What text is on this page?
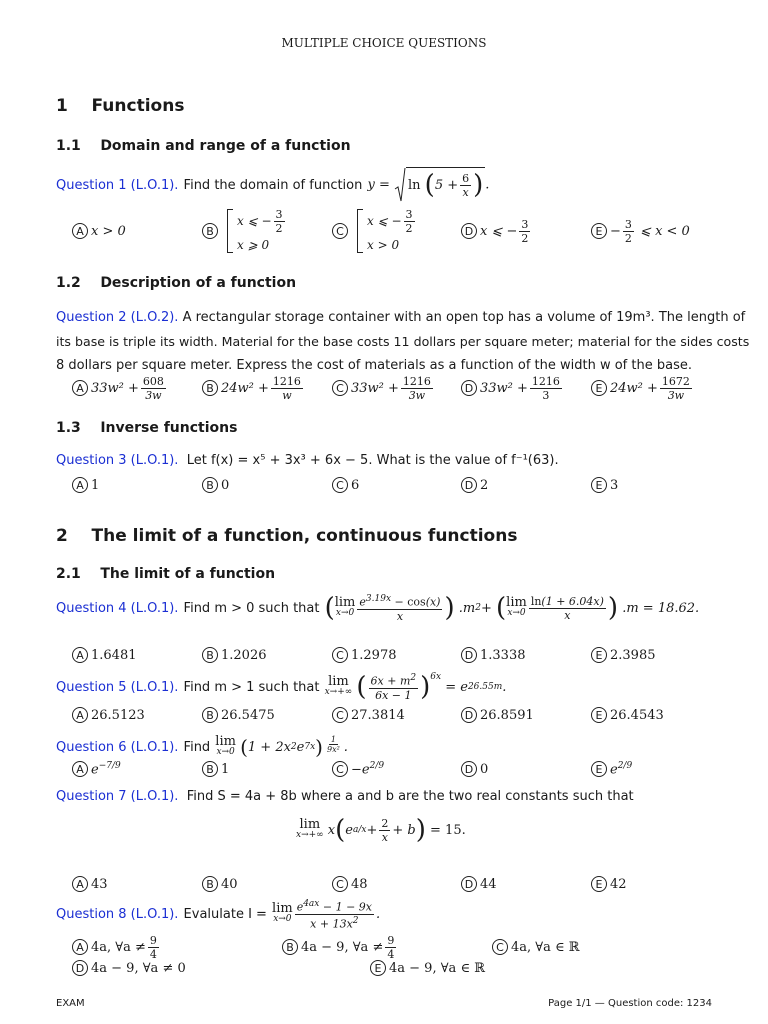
MULTIPLE CHOICE QUESTIONS
1 Functions
1.1 Domain and range of a function
Question 1 (L.O.1).
Find the domain of function
y = ln
( $5 + \frac{6}{x}$ ) .
A x > 0	B
x ⩽ − $\frac{3}{2}$
x ⩾ 0
C
x ⩽ − $\frac{3}{2}$
x > 0
D x ⩽ − $\frac{3}{2}$	$E - \frac{3}{2}$ ⩽ x < 0
1.2 Description of a function
Question 2 (L.O.2). A rectangular storage container with an open top has a volume of 19m³. The length of
its base is triple its width. Material for the base costs 11 dollars per square meter; material for the sides costs
8 dollars per square meter. Express the cost of materials as a function of the width w of the base.
A $33w^2 + \frac{608}{3w}$	B $24w^2 + \frac{1216}{w}$	C $33w^2 + \frac{1216}{3w}$	D $33w^2 + \frac{1216}{3}$	E $24w^2 + \frac{1672}{3w}$
1.3 Inverse functions
Question 3 (L.O.1). Let f(x) = x⁵ + 3x³ + 6x − 5. What is the value of f⁻¹(63).
A 1	B 0	C 6	D 2	E 3
2 The limit of a function, continuous functions
2.1 The limit of a function
Question 4 (L.O.1).
Find m > 0 such that
( lim
$x\to 0 \frac{e^{3.19x} - \cos(x)}{x}$ ) .m 2 + ( lim
$x\to 0 \frac{\ln(1 + 6.04x)}{x}$ )
.m = 18.62.
A 1.6481	B 1.2026	C 1.2978	D 1.3338	E 2.3985
Question 5 (L.O.1).
Find m > 1 such that
lim
x→+∞
( $\frac{6x + m^2}{6x - 1} )^{6x}$

= e 26.55m .
A 26.5123	B 26.5475	C 27.3814	D 26.8591	E 26.4543
Question 6 (L.O.1).
Find
lim
x→0
( 1 + 2x 2 e 7x ) $\frac{1}{\text{9x²}}$ .
A $e^{-7/9}$	B 1	$C -e^{2/9}$	D 0	E $e^{2/9}$
Question 7 (L.O.1). Find S = 4a + 8b where a and b are the two real constants such that
lim
x→+∞ x ( e $a/x + \frac{2}{x} + b$ )
= 15.
A 43	B 40	C 48	D 44	E 42
Question 8 (L.O.1).
Evalulate I =
lim
$x\to 0 \frac{e^{4ax} - 1 - 9x}{x + 13x^2}$ .
A 4a, ∀a ≠ $\frac{9}{4}$	B 4a − 9, ∀a ≠ $\frac{9}{4}$	C 4a, ∀a ∈ ℝ
D 4a − 9, ∀a ≠ 0	E 4a − 9, ∀a ∈ ℝ
EXAM	Page 1/1 — Question code: 1234
